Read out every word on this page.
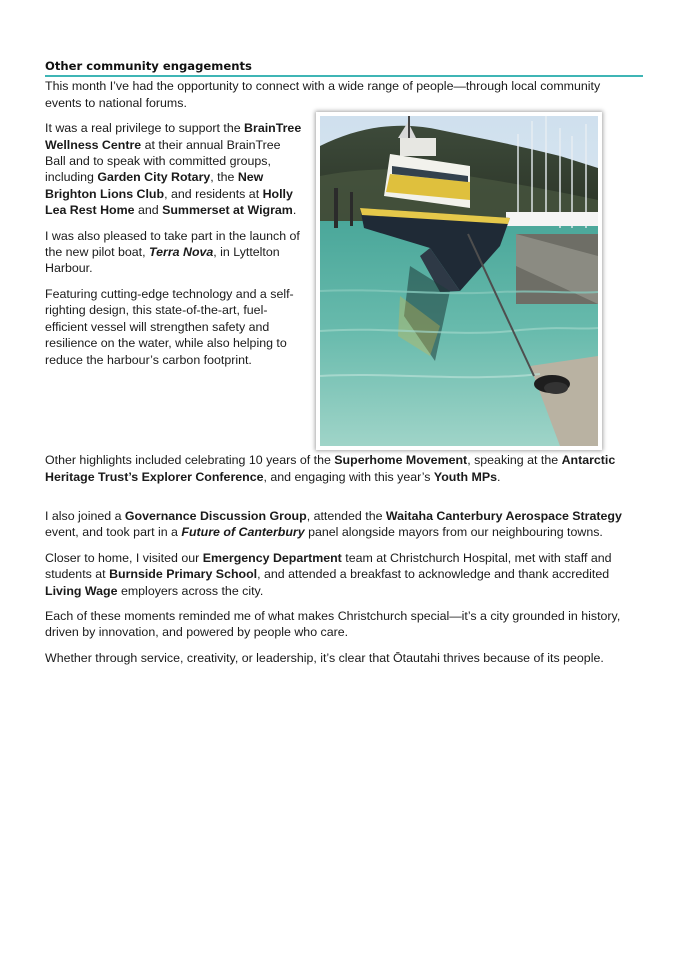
Other community engagements

This month I’ve had the opportunity to connect with a wide range of people—through local community events to national forums.

It was a real privilege to support the BrainTree Wellness Centre at their annual BrainTree Ball and to speak with committed groups, including Garden City Rotary, the New Brighton Lions Club, and residents at Holly Lea Rest Home and Summerset at Wigram.

I was also pleased to take part in the launch of the new pilot boat, Terra Nova, in Lyttelton Harbour.

Featuring cutting-edge technology and a self-righting design, this state-of-the-art, fuel-efficient vessel will strengthen safety and resilience on the water, while also helping to reduce the harbour’s carbon footprint.

Other highlights included celebrating 10 years of the Superhome Movement, speaking at the Antarctic Heritage Trust’s Explorer Conference, and engaging with this year’s Youth MPs.

I also joined a Governance Discussion Group, attended the Waitaha Canterbury Aerospace Strategy event, and took part in a Future of Canterbury panel alongside mayors from our neighbouring towns.

Closer to home, I visited our Emergency Department team at Christchurch Hospital, met with staff and students at Burnside Primary School, and attended a breakfast to acknowledge and thank accredited Living Wage employers across the city.

Each of these moments reminded me of what makes Christchurch special—it’s a city grounded in history, driven by innovation, and powered by people who care.

Whether through service, creativity, or leadership, it’s clear that Ōtautahi thrives because of its people.
